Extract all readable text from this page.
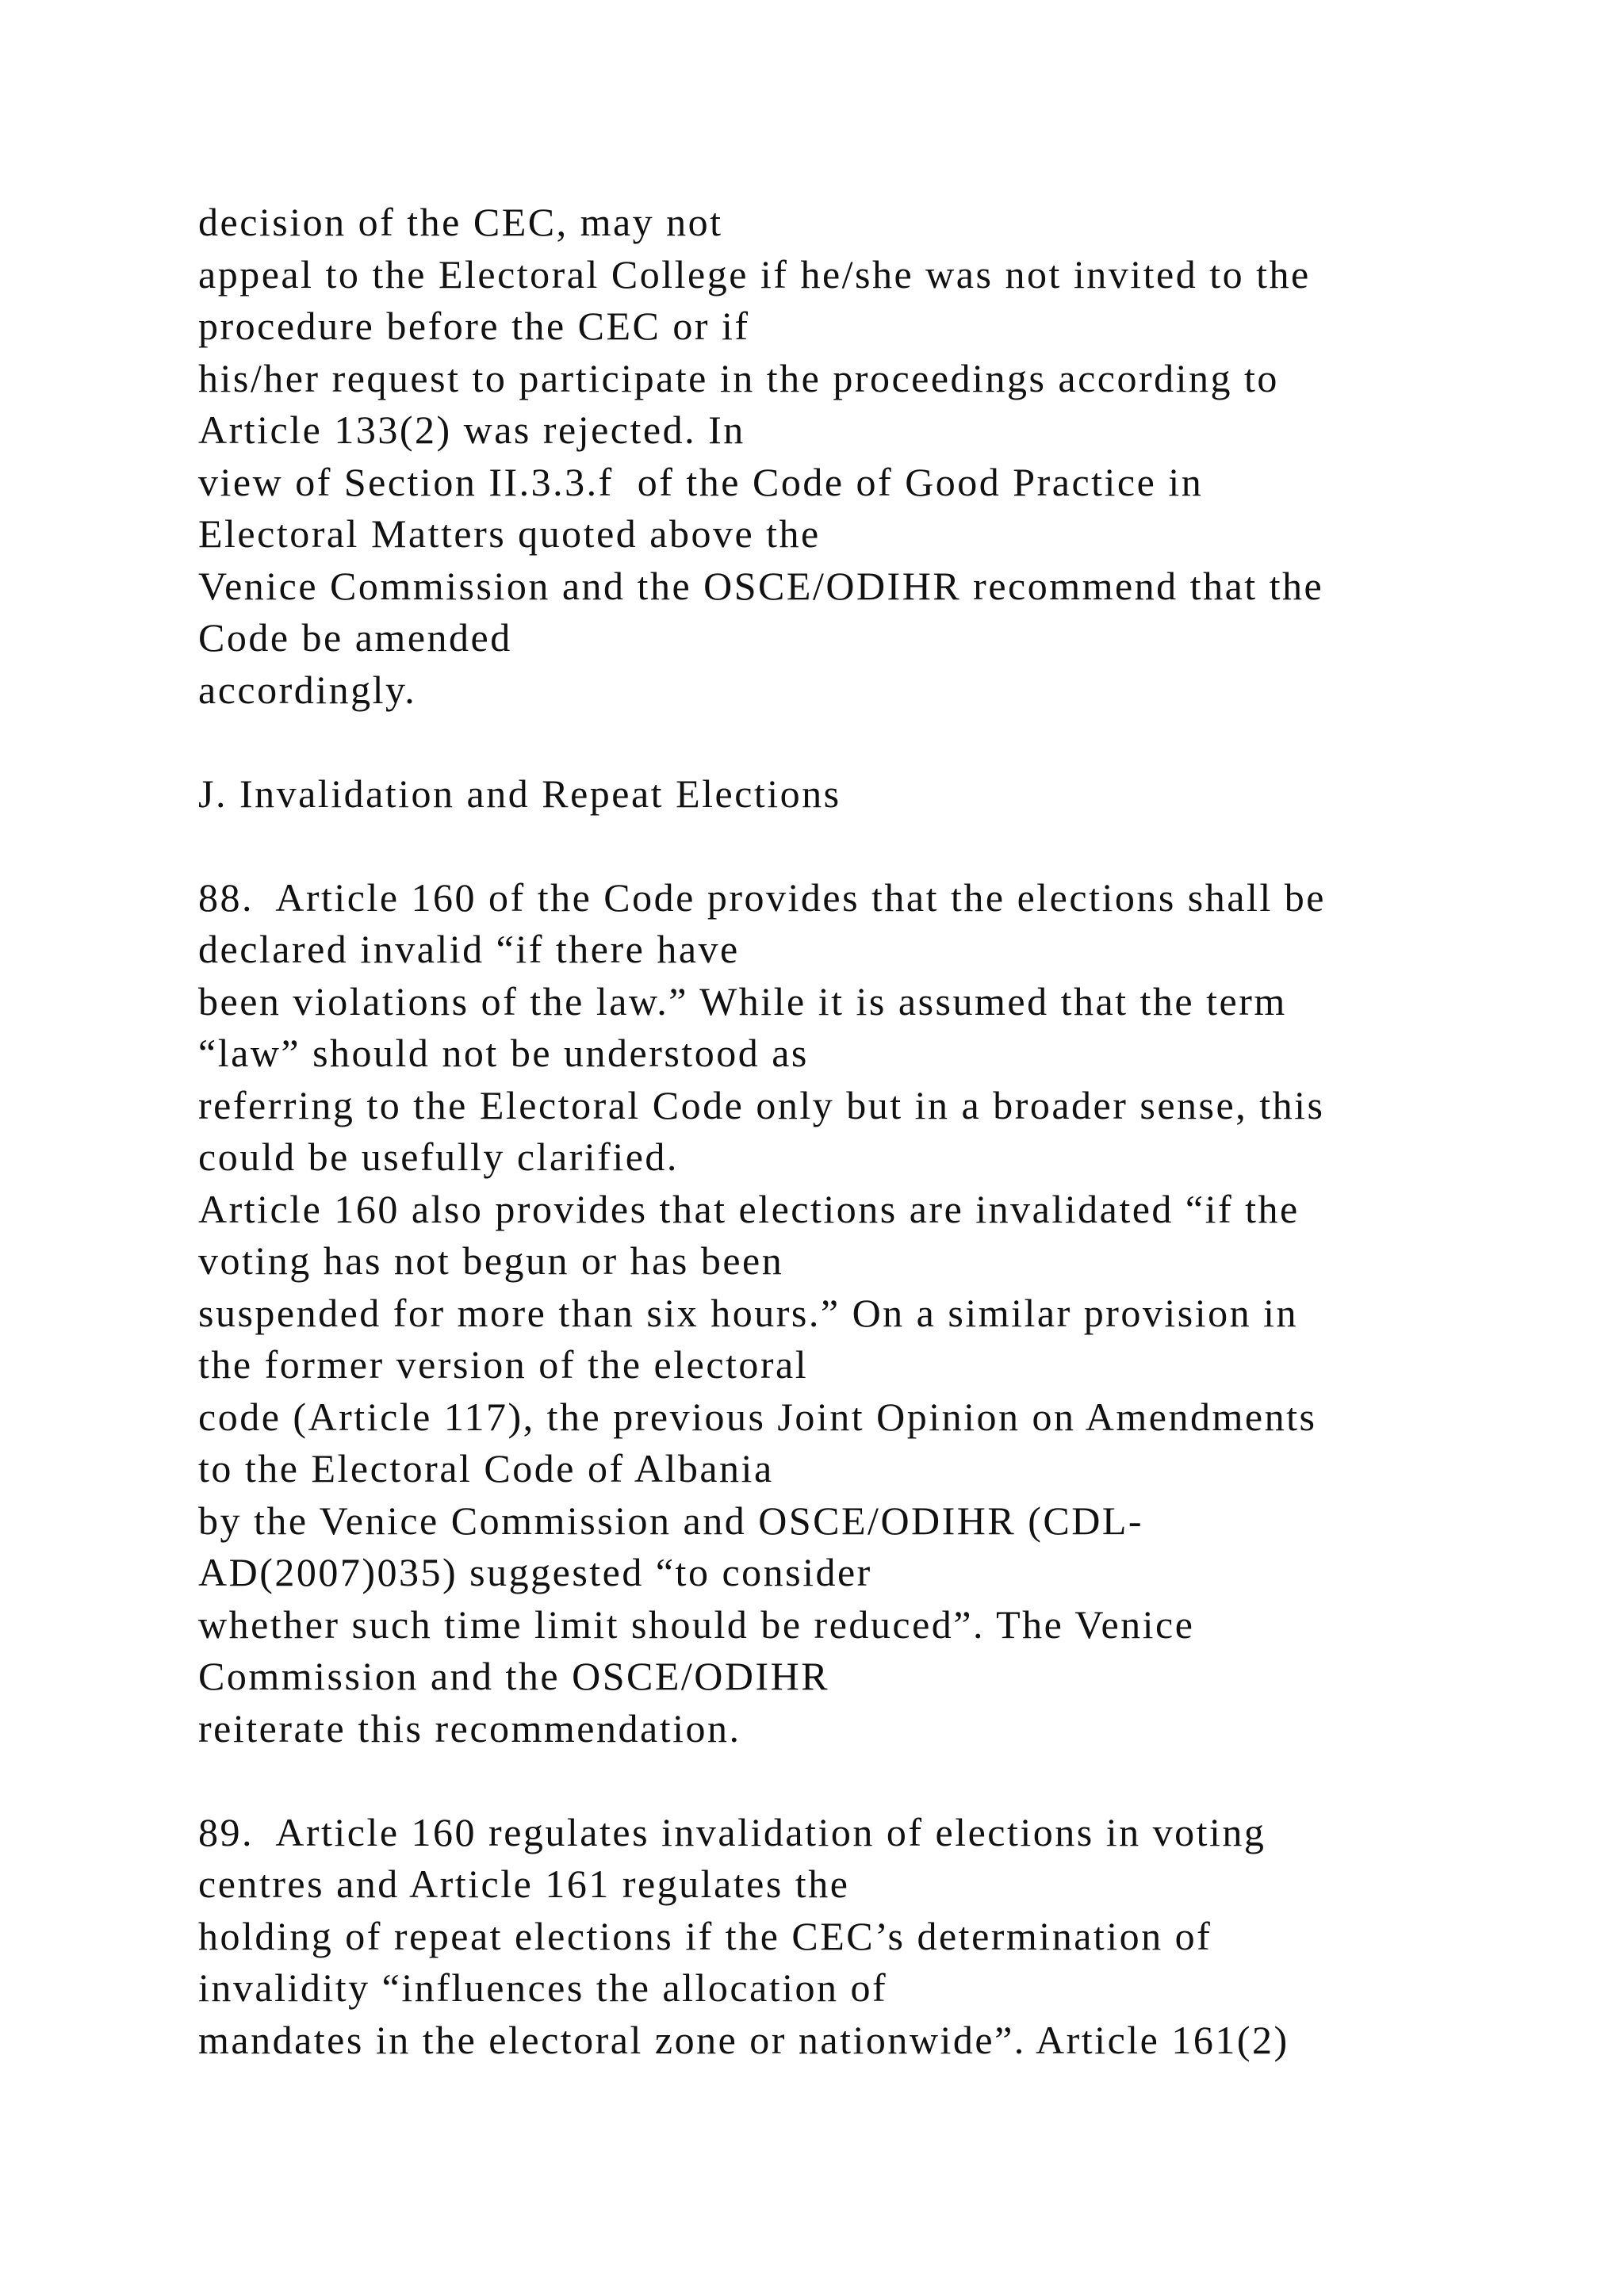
decision of the CEC, may not
appeal to the Electoral College if he/she was not invited to the
procedure before the CEC or if
his/her request to participate in the proceedings according to
Article 133(2) was rejected. In
view of Section II.3.3.f  of the Code of Good Practice in
Electoral Matters quoted above the
Venice Commission and the OSCE/ODIHR recommend that the
Code be amended
accordingly.
J. Invalidation and Repeat Elections
88.  Article 160 of the Code provides that the elections shall be
declared invalid “if there have
been violations of the law.” While it is assumed that the term
“law” should not be understood as
referring to the Electoral Code only but in a broader sense, this
could be usefully clarified.
Article 160 also provides that elections are invalidated “if the
voting has not begun or has been
suspended for more than six hours.” On a similar provision in
the former version of the electoral
code (Article 117), the previous Joint Opinion on Amendments
to the Electoral Code of Albania
by the Venice Commission and OSCE/ODIHR (CDL-
AD(2007)035) suggested “to consider
whether such time limit should be reduced”. The Venice
Commission and the OSCE/ODIHR
reiterate this recommendation.
89.  Article 160 regulates invalidation of elections in voting
centres and Article 161 regulates the
holding of repeat elections if the CEC’s determination of
invalidity “influences the allocation of
mandates in the electoral zone or nationwide”. Article 161(2)
